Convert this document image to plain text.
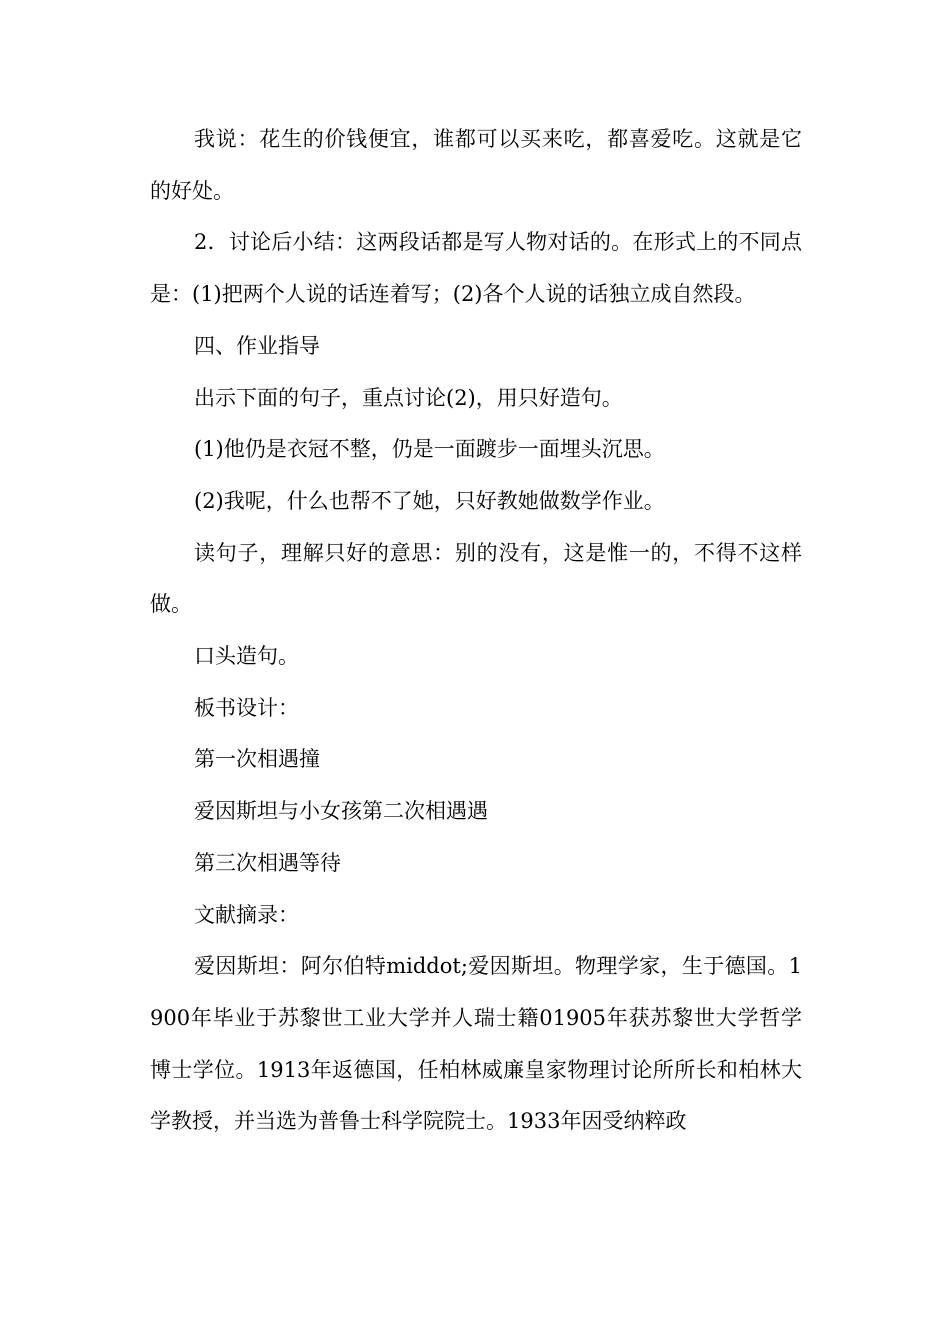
我说：花生的价钱便宜，谁都可以买来吃，都喜爱吃。这就是它的好处。

2．讨论后小结：这两段话都是写人物对话的。在形式上的不同点是：(1)把两个人说的话连着写；(2)各个人说的话独立成自然段。

四、作业指导

出示下面的句子，重点讨论(2)，用只好造句。

(1)他仍是衣冠不整，仍是一面踱步一面埋头沉思。

(2)我呢，什么也帮不了她，只好教她做数学作业。

读句子，理解只好的意思：别的没有，这是惟一的，不得不这样做。

口头造句。

板书设计：

第一次相遇撞

爱因斯坦与小女孩第二次相遇遇

第三次相遇等待

文献摘录：

爱因斯坦：阿尔伯特middot;爱因斯坦。物理学家，生于德国。1900年毕业于苏黎世工业大学并人瑞士籍01905年获苏黎世大学哲学博士学位。1913年返德国，任柏林威廉皇家物理讨论所所长和柏林大学教授，并当选为普鲁士科学院院士。1933年因受纳粹政
